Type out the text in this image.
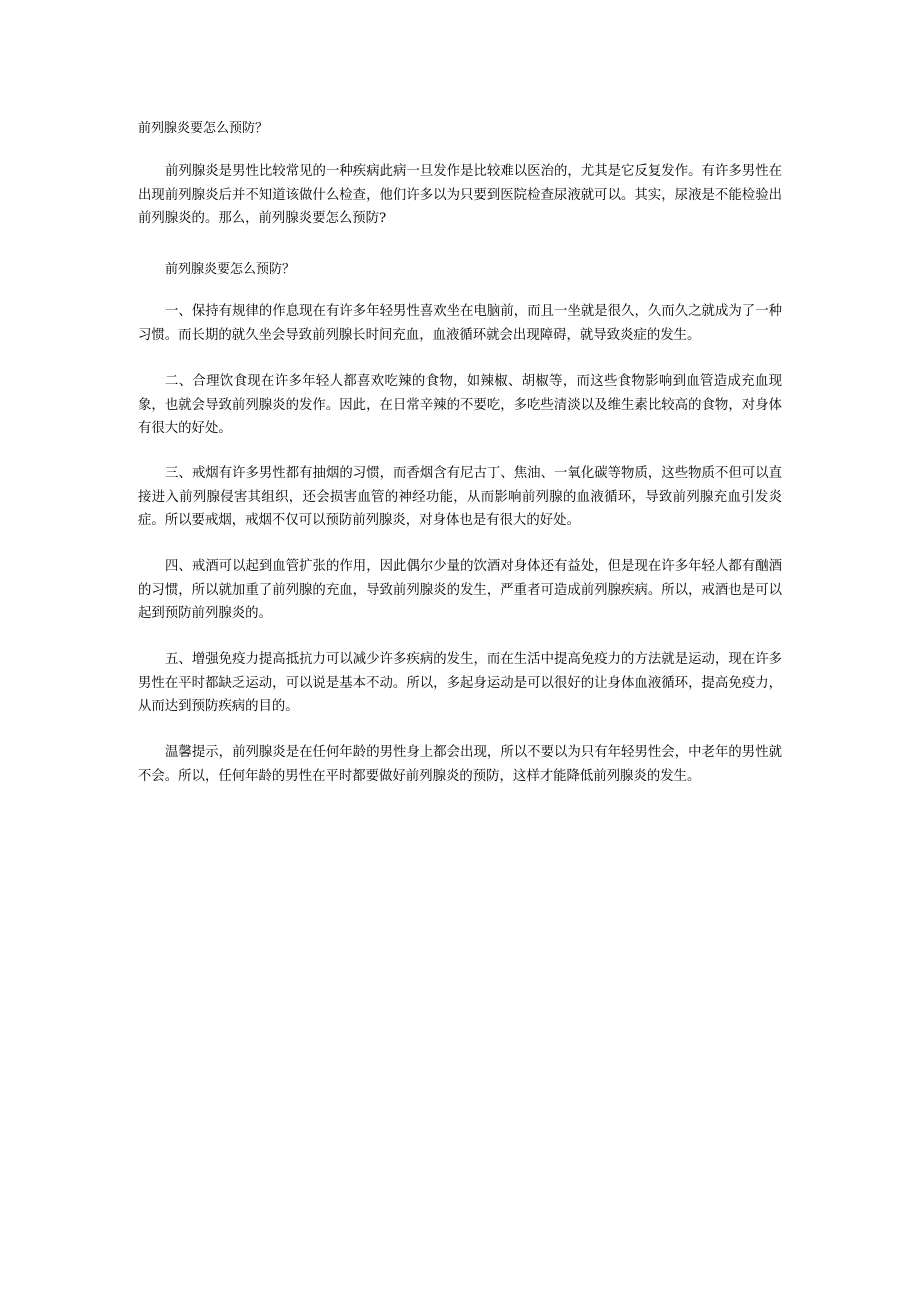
前列腺炎要怎么预防？

前列腺炎是男性比较常见的一种疾病此病一旦发作是比较难以医治的，尤其是它反复发作。有许多男性在出现前列腺炎后并不知道该做什么检查，他们许多以为只要到医院检查尿液就可以。其实，尿液是不能检验出前列腺炎的。那么，前列腺炎要怎么预防?

前列腺炎要怎么预防？

一、保持有规律的作息现在有许多年轻男性喜欢坐在电脑前，而且一坐就是很久，久而久之就成为了一种习惯。而长期的就久坐会导致前列腺长时间充血，血液循环就会出现障碍，就导致炎症的发生。

二、合理饮食现在许多年轻人都喜欢吃辣的食物，如辣椒、胡椒等，而这些食物影响到血管造成充血现象，也就会导致前列腺炎的发作。因此，在日常辛辣的不要吃，多吃些清淡以及维生素比较高的食物，对身体有很大的好处。

三、戒烟有许多男性都有抽烟的习惯，而香烟含有尼古丁、焦油、一氧化碳等物质，这些物质不但可以直接进入前列腺侵害其组织，还会损害血管的神经功能，从而影响前列腺的血液循环，导致前列腺充血引发炎症。所以要戒烟，戒烟不仅可以预防前列腺炎，对身体也是有很大的好处。

四、戒酒可以起到血管扩张的作用，因此偶尔少量的饮酒对身体还有益处，但是现在许多年轻人都有酗酒的习惯，所以就加重了前列腺的充血，导致前列腺炎的发生，严重者可造成前列腺疾病。所以，戒酒也是可以起到预防前列腺炎的。

五、增强免疫力提高抵抗力可以减少许多疾病的发生，而在生活中提高免疫力的方法就是运动，现在许多男性在平时都缺乏运动，可以说是基本不动。所以，多起身运动是可以很好的让身体血液循环，提高免疫力，从而达到预防疾病的目的。

温馨提示，前列腺炎是在任何年龄的男性身上都会出现，所以不要以为只有年轻男性会，中老年的男性就不会。所以，任何年龄的男性在平时都要做好前列腺炎的预防，这样才能降低前列腺炎的发生。
